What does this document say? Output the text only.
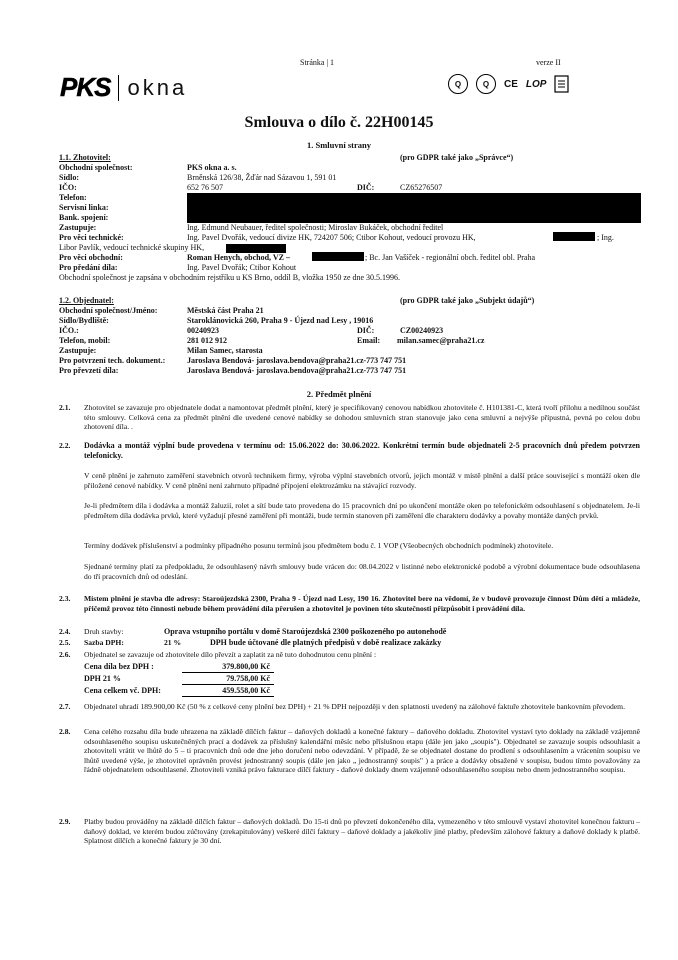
Stránka | 1	verze II
PKS okna	Q	Q	CE LOP
Smlouva o dílo č. 22H00145
1. Smluvní strany
1.1. Zhotovitel:	(pro GDPR také jako „Správce“)
Obchodní společnost:	PKS okna a. s.
Sídlo:	Brněnská 126/38, Žďár nad Sázavou 1, 591 01
IČO:	652 76 507	DIČ:	CZ65276507
Telefon:
Servisní linka:
Bank. spojení:
Zastupuje:	Ing. Edmund Neubauer, ředitel společnosti; Miroslav Bukáček, obchodní ředitel
Pro věci technické:	Ing. Pavel Dvořák, vedoucí divize HK, 724207 506; Ctibor Kohout, vedoucí provozu HK,	; Ing.
Libor Pavlík, vedoucí technické skupiny HK,
Pro věci obchodní:	Roman Henych, obchod, VZ –	; Bc. Jan Vašíček - regionální obch. ředitel obl. Praha
Pro předání díla:	Ing. Pavel Dvořák; Ctibor Kohout
Obchodní společnost je zapsána v obchodním rejstříku u KS Brno, oddíl B, vložka 1950 ze dne 30.5.1996.
1.2. Objednatel:	(pro GDPR také jako „Subjekt údajů“)
Obchodní společnost/Jméno:	Městská část Praha 21
Sídlo/Bydliště:	Staroklánovická 260, Praha 9 - Újezd nad Lesy , 19016
IČO.:	00240923	DIČ:	CZ00240923
Telefon, mobil:	281 012 912	Email: milan.samec@praha21.cz
Zastupuje:	Milan Samec, starosta
Pro potvrzení tech. dokument.:	Jaroslava Bendová- jaroslava.bendova@praha21.cz-773 747 751
Pro převzetí díla:	Jaroslava Bendová- jaroslava.bendova@praha21.cz-773 747 751
2. Předmět plnění
2.1. Zhotovitel se zavazuje pro objednatele dodat a namontovat předmět plnění, který je specifikovaný cenovou nabídkou zhotovitele č. H101381-C, která tvoří přílohu a nedílnou součást této smlouvy. Celková cena za předmět plnění dle uvedené cenové nabídky se dohodou smluvních stran stanovuje jako cena smluvní a nejvýše přípustná, pevná po celou dobu zhotovení díla. .
2.2. Dodávka a montáž výplní bude provedena v termínu od: 15.06.2022 do: 30.06.2022. Konkrétní termín bude objednateli 2-5 pracovních dnů předem potvrzen telefonicky.
V ceně plnění je zahrnuto zaměření stavebních otvorů technikem firmy, výroba výplní stavebních otvorů, jejich montáž v místě plnění a další práce související s montáží oken dle přiložené cenové nabídky. V ceně plnění není zahrnuto případné připojení elektrozámku na stávající rozvody.
Je-li předmětem díla i dodávka a montáž žaluzií, rolet a sítí bude tato provedena do 15 pracovních dní po ukončení montáže oken po telefonickém odsouhlasení s objednatelem. Je-li předmětem díla dodávka prvků, které vyžadují přesné zaměření při montáži, bude termín stanoven při zaměření dle charakteru dodávky a povahy montáže daných prvků.
Termíny dodávek příslušenství a podmínky případného posunu termínů jsou předmětem bodu č. 1 VOP (Všeobecných obchodních podmínek) zhotovitele.
Sjednané termíny platí za předpokladu, že odsouhlasený návrh smlouvy bude vrácen do: 08.04.2022 v listinné nebo elektronické podobě a výrobní dokumentace bude odsouhlasena do tří pracovních dnů od odeslání.
2.3. Místem plnění je stavba dle adresy: Staroújezdská 2300, Praha 9 - Újezd nad Lesy, 190 16. Zhotovitel bere na vědomí, že v budově provozuje činnost Dům dětí a mládeže, přičemž provoz této činnosti nebude během provádění díla přerušen a zhotovitel je povinen této skutečnosti přizpůsobit i provádění díla.
2.4. Druh stavby:	Oprava vstupního portálu v domě Staroújezdská 2300 poškozeného po autonehodě
2.5. Sazba DPH:	21 %	DPH bude účtované dle platných předpisů v době realizace zakázky
2.6. Objednatel se zavazuje od zhotovitele dílo převzít a zaplatit za ně tuto dohodnutou cenu plnění :
Cena díla bez DPH :	379.800,00 Kč
DPH 21 %	79.758,00 Kč
Cena celkem vč. DPH:	459.558,00 Kč
2.7. Objednatel uhradí 189.900,00 Kč (50 % z celkové ceny plnění bez DPH) + 21 % DPH nejpozději v den splatnosti uvedený na zálohové faktuře zhotovitele bankovním převodem.
2.8. Cena celého rozsahu díla bude uhrazena na základě dílčích faktur – daňových dokladů a konečné faktury – daňového dokladu. Zhotovitel vystaví tyto doklady na základě vzájemně odsouhlaseného soupisu uskutečněných prací a dodávek za příslušný kalendářní měsíc nebo příslušnou etapu (dále jen jako „soupis"). Objednatel se zavazuje soupis odsouhlasit a zhotoviteli vrátit ve lhůtě do 5 – ti pracovních dnů ode dne jeho doručení nebo odevzdání. V případě, že se objednatel dostane do prodlení s odsouhlasením a vrácením soupisu ve lhůtě uvedené výše, je zhotovitel oprávněn provést jednostranný soupis (dále jen jako „ jednostranný soupis" ) a práce a dodávky obsažené v soupisu, budou tímto považovány za řádně objednatelem odsouhlasené. Zhotoviteli vzniká právo fakturace dílčí faktury - daňové doklady dnem vzájemně odsouhlaseného soupisu nebo dnem jednostranného soupisu.
2.9. Platby budou prováděny na základě dílčích faktur – daňových dokladů. Do 15-ti dnů po převzetí dokončeného díla, vymezeného v této smlouvě vystaví zhotovitel konečnou fakturu – daňový doklad, ve kterém budou zúčtovány (zrekapitulovány) veškeré dílčí faktury – daňové doklady a jakékoliv jiné platby, především zálohové faktury a daňové doklady k platbě. Splatnost dílčích a konečné faktury je 30 dní.
